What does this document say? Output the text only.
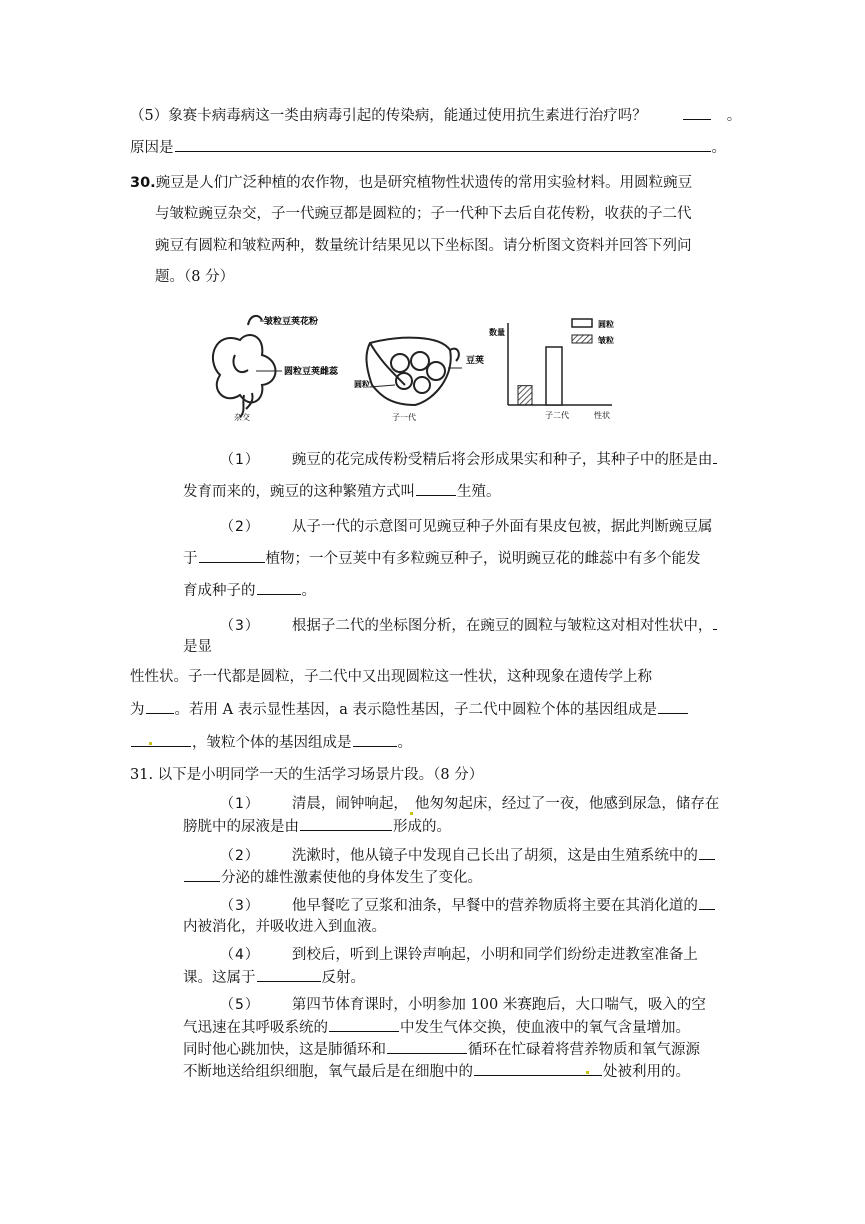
（5）象赛卡病毒病这一类由病毒引起的传染病，能通过使用抗生素进行治疗吗？	。
原因是	。
30.豌豆是人们广泛种植的农作物，也是研究植物性状遗传的常用实验材料。用圆粒豌豆
与皱粒豌豆杂交，子一代豌豆都是圆粒的；子一代种下去后自花传粉，收获的子二代
豌豆有圆粒和皱粒两种，数量统计结果见以下坐标图。请分析图文资料并回答下列问
题。（8 分）
皱粒豆荚花粉
圆粒豆荚雌蕊
杂交
豆荚
圆粒
子一代
数量
性状
子二代
圆粒
皱粒
（1） 豌豆的花完成传粉受精后将会形成果实和种子，其种子中的胚是由
发育而来的，豌豆的这种繁殖方式叫	生殖。
（2） 从子一代的示意图可见豌豆种子外面有果皮包被，据此判断豌豆属
于	植物；一个豆荚中有多粒豌豆种子，说明豌豆花的雌蕊中有多个能发
育成种子的	。
（3） 根据子二代的坐标图分析，在豌豆的圆粒与皱粒这对相对性状中，
是显
性性状。子一代都是圆粒，子二代中又出现圆粒这一性状，这种现象在遗传学上称
为 。若用 A 表示显性基因，a 表示隐性基因，子二代中圆粒个体的基因组成是
，皱粒个体的基因组成是	。
31. 以下是小明同学一天的生活学习场景片段。（8 分）
（1） 清晨，闹钟响起， 他匆匆起床，经过了一夜，他感到尿急，储存在
膀胱中的尿液是由	形成的。
（2） 洗漱时，他从镜子中发现自己长出了胡须，这是由生殖系统中的
分泌的雄性激素使他的身体发生了变化。
（3） 他早餐吃了豆浆和油条，早餐中的营养物质将主要在其消化道的
内被消化，并吸收进入到血液。
（4） 到校后，听到上课铃声响起，小明和同学们纷纷走进教室准备上
课。这属于	反射。
（5） 第四节体育课时，小明参加 100 米赛跑后，大口喘气，吸入的空
气迅速在其呼吸系统的	中发生气体交换，使血液中的氧气含量增加。
同时他心跳加快，这是肺循环和	循环在忙碌着将营养物质和氧气源源
不断地送给组织细胞，氧气最后是在细胞中的	处被利用的。
